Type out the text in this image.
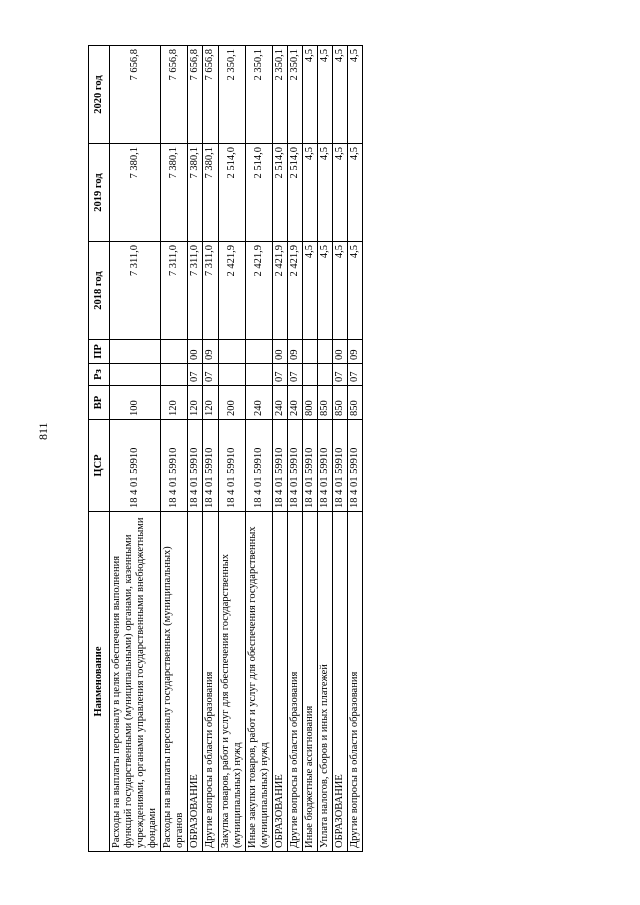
811
Наименование	ЦСР	ВР	Рз	ПР	2018 год	2019 год	2020 год
Расходы на выплаты персоналу в целях обеспечения выполнения функций государственными (муниципальными) органами, казенными учреждениями, органами управления государственными внебюджетными фондами	18 4 01 59910	100			7 311,0	7 380,1	7 656,8
Расходы на выплаты персоналу государственных (муниципальных) органов	18 4 01 59910	120			7 311,0	7 380,1	7 656,8
ОБРАЗОВАНИЕ	18 4 01 59910	120	07	00	7 311,0	7 380,1	7 656,8
Другие вопросы в области образования	18 4 01 59910	120	07	09	7 311,0	7 380,1	7 656,8
Закупка товаров, работ и услуг для обеспечения государственных (муниципальных) нужд	18 4 01 59910	200			2 421,9	2 514,0	2 350,1
Иные закупки товаров, работ и услуг для обеспечения государственных (муниципальных) нужд	18 4 01 59910	240			2 421,9	2 514,0	2 350,1
ОБРАЗОВАНИЕ	18 4 01 59910	240	07	00	2 421,9	2 514,0	2 350,1
Другие вопросы в области образования	18 4 01 59910	240	07	09	2 421,9	2 514,0	2 350,1
Иные бюджетные ассигнования	18 4 01 59910	800			4,5	4,5	4,5
Уплата налогов, сборов и иных платежей	18 4 01 59910	850			4,5	4,5	4,5
ОБРАЗОВАНИЕ	18 4 01 59910	850	07	00	4,5	4,5	4,5
Другие вопросы в области образования	18 4 01 59910	850	07	09	4,5	4,5	4,5
